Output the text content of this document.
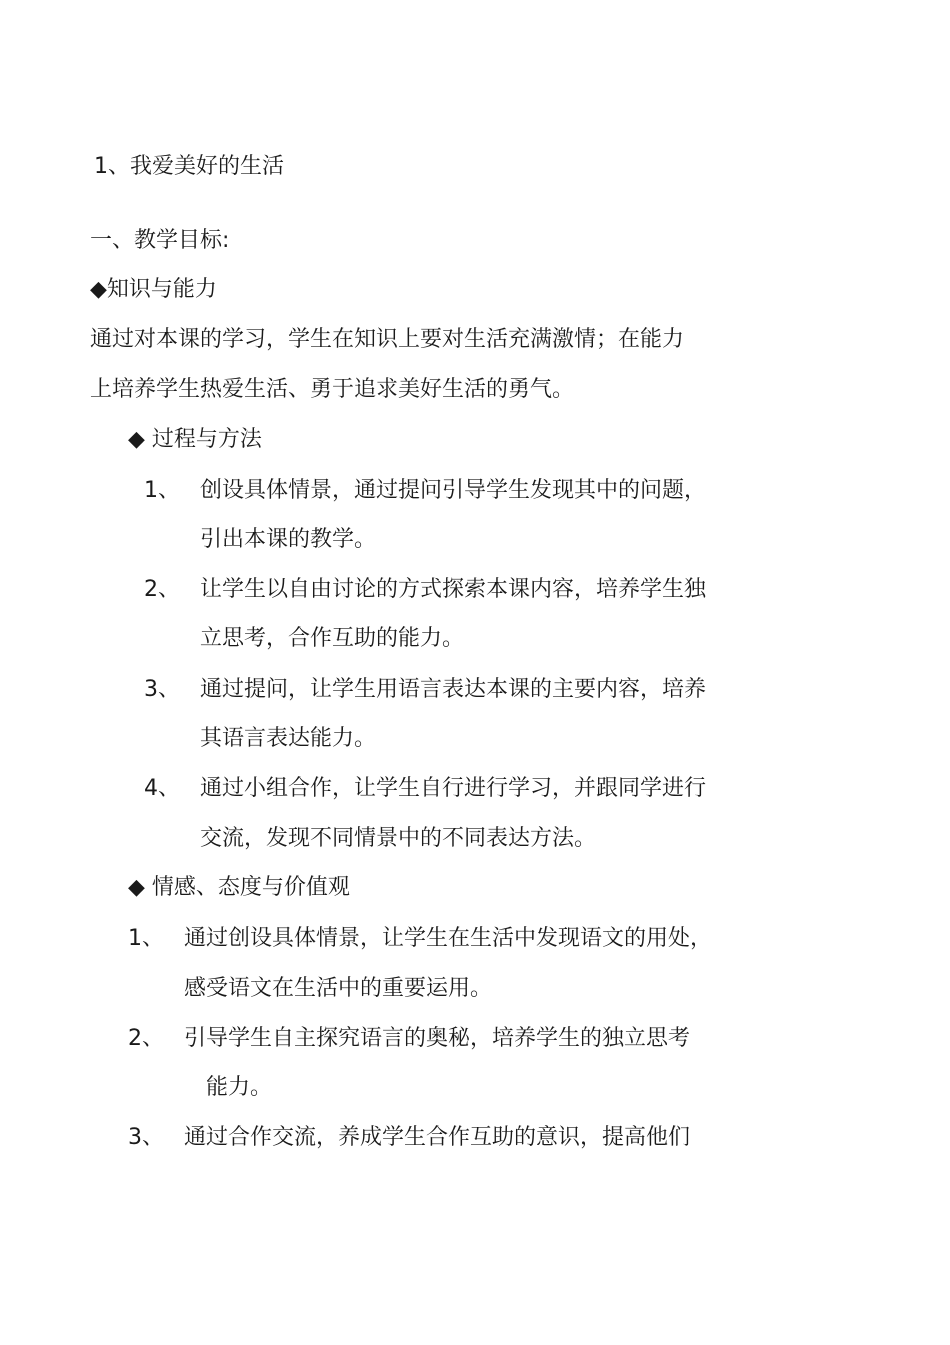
1、我爱美好的生活
一、教学目标:
◆知识与能力
通过对本课的学习，学生在知识上要对生活充满激情；在能力
上培养学生热爱生活、勇于追求美好生活的勇气。
◆ 过程与方法
1、 创设具体情景，通过提问引导学生发现其中的问题，
引出本课的教学。
2、 让学生以自由讨论的方式探索本课内容，培养学生独
立思考，合作互助的能力。
3、 通过提问，让学生用语言表达本课的主要内容，培养
其语言表达能力。
4、 通过小组合作，让学生自行进行学习，并跟同学进行
交流，发现不同情景中的不同表达方法。
◆ 情感、态度与价值观
1、 通过创设具体情景，让学生在生活中发现语文的用处，
感受语文在生活中的重要运用。
2、 引导学生自主探究语言的奥秘，培养学生的独立思考
能力。
3、 通过合作交流，养成学生合作互助的意识，提高他们
